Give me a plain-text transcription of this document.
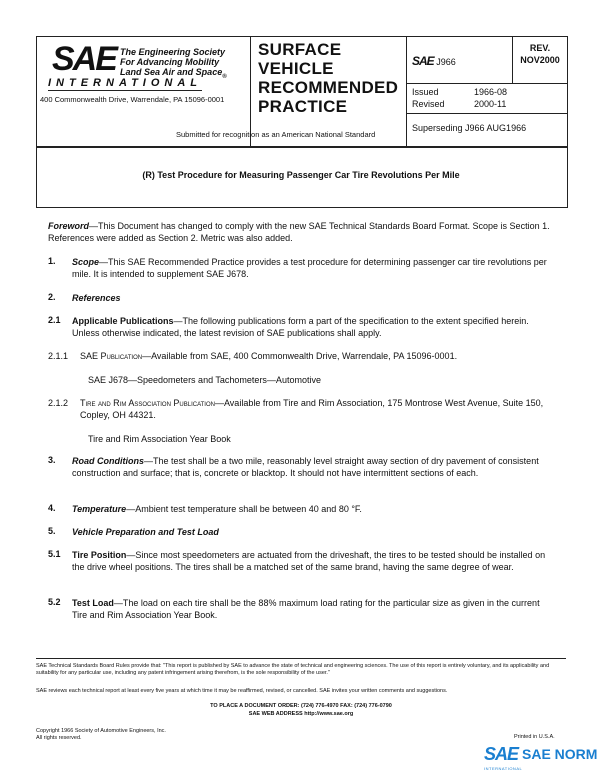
SAE The Engineering Society
For Advancing Mobility
Land Sea Air and Space$_®$
INTERNATIONAL
400 Commonwealth Drive, Warrendale, PA 15096-0001
SURFACE
VEHICLE
RECOMMENDED
PRACTICE
Submitted for recognition as an American National Standard
SAE J966
REV.
NOV2000
Issued	1966-08
Revised	2000-11
Superseding J966 AUG1966
(R) Test Procedure for Measuring Passenger Car Tire Revolutions Per Mile
Foreword—This Document has changed to comply with the new SAE Technical Standards Board Format. Scope is Section 1. References were added as Section 2. Metric was also added.
1. Scope—This SAE Recommended Practice provides a test procedure for determining passenger car tire revolutions per mile. It is intended to supplement SAE J678.
2. References
2.1 Applicable Publications—The following publications form a part of the specification to the extent specified herein. Unless otherwise indicated, the latest revision of SAE publications shall apply.
2.1.1 SAE Publication—Available from SAE, 400 Commonwealth Drive, Warrendale, PA 15096-0001.
SAE J678—Speedometers and Tachometers—Automotive
2.1.2 Tire and Rim Association Publication—Available from Tire and Rim Association, 175 Montrose West Avenue, Suite 150, Copley, OH 44321.
Tire and Rim Association Year Book
3. Road Conditions—The test shall be a two mile, reasonably level straight away section of dry pavement of consistent construction and surface; that is, concrete or blacktop. It should not have intermittent sections of each.
4. Temperature—Ambient test temperature shall be between 40 and 80 °F.
5. Vehicle Preparation and Test Load
5.1 Tire Position—Since most speedometers are actuated from the driveshaft, the tires to be tested should be installed on the drive wheel positions. The tires shall be a matched set of the same brand, having the same degree of wear.
5.2 Test Load—The load on each tire shall be the 88% maximum load rating for the particular size as given in the current Tire and Rim Association Year Book.
SAE Technical Standards Board Rules provide that: "This report is published by SAE to advance the state of technical and engineering sciences. The use of this report is entirely voluntary, and its applicability and suitability for any particular use, including any patent infringement arising therefrom, is the sole responsibility of the user."
SAE reviews each technical report at least every five years at which time it may be reaffirmed, revised, or cancelled. SAE invites your written comments and suggestions.
TO PLACE A DOCUMENT ORDER: (724) 776-4970 FAX: (724) 776-0790
SAE WEB ADDRESS http://www.sae.org
Copyright 1966 Society of Automotive Engineers, Inc.
All rights reserved.	Printed in U.S.A.
SAE SAE NORM
INTERNATIONAL
